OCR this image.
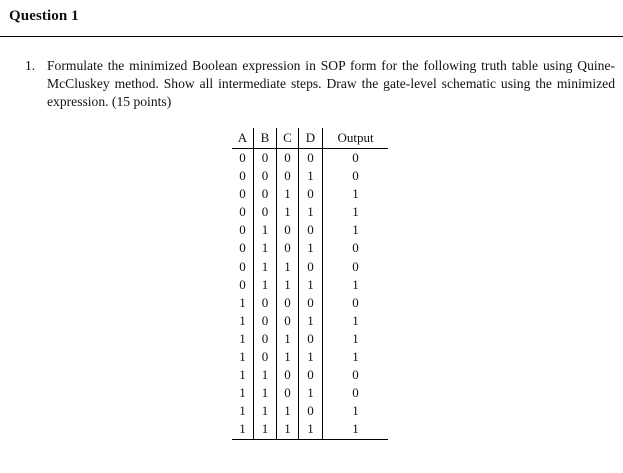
Question 1
1. Formulate the minimized Boolean expression in SOP form for the following truth table using Quine-McCluskey method. Show all intermediate steps. Draw the gate-level schematic using the minimized expression. (15 points)
A	B	C	D	Output
0	0	0	0	0
0	0	0	1	0
0	0	1	0	1
0	0	1	1	1
0	1	0	0	1
0	1	0	1	0
0	1	1	0	0
0	1	1	1	1
1	0	0	0	0
1	0	0	1	1
1	0	1	0	1
1	0	1	1	1
1	1	0	0	0
1	1	0	1	0
1	1	1	0	1
1	1	1	1	1
